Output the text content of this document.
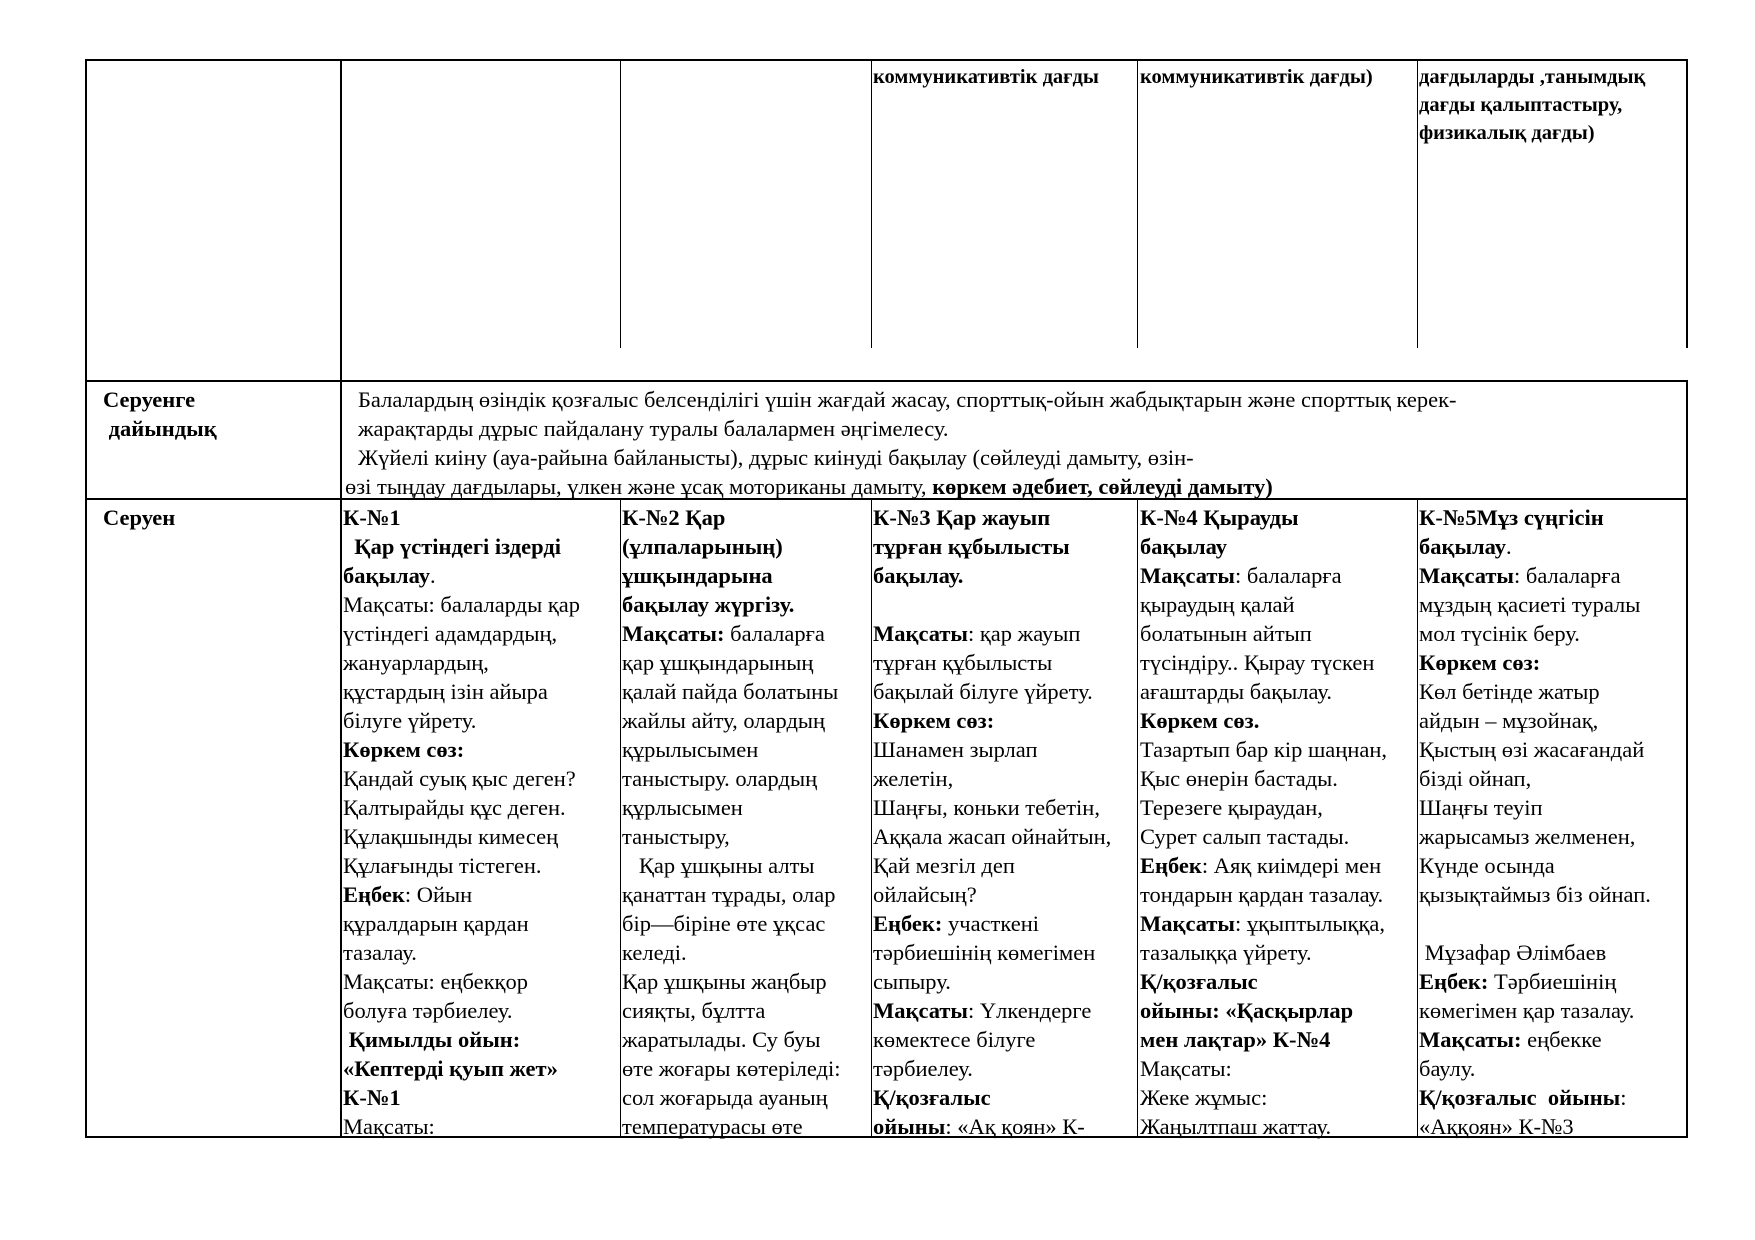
коммуникативтік дағды коммуникативтік дағды) дағдыларды ,танымдық

дағды қалыптастыру,

физикалық дағды)

Серуенге

дайындық

Балалардың өзіндік қозғалыс белсенділігі үшін жағдай жасау, спорттық-ойын жабдықтарын және спорттық керек-

жарақтарды дұрыс пайдалану туралы балалармен әңгімелесу.

Жүйелі киіну (ауа-райына байланысты), дұрыс киінуді бақылау (сөйлеуді дамыту, өзін-

өзі тыңдау дағдылары, үлкен және ұсақ моториканы дамыту, көркем әдебиет, сөйлеуді дамыту)

Серуен	К-№1

Қар үстіндегі іздерді

бақылау.

Мақсаты: балаларды қар

үстіндегі адамдардың,

жануарлардың,

құстардың ізін айыра

білуге үйрету.

Көркем сөз:

Қандай суық қыс деген?

Қалтырайды құс деген.

Құлақшынды кимесең

Құлағынды тістеген.

Еңбек: Ойын

құралдарын қардан

тазалау.

Мақсаты: еңбекқор

болуға тәрбиелеу.

Қимылды ойын:

«Кептерді қуып жет»

К-№1

Мақсаты:

К-№2 Қар

(ұлпаларының)

ұшқындарына

бақылау жүргізу.

Мақсаты: балаларға

қар ұшқындарының

қалай пайда болатыны

жайлы айту, олардың

құрылысымен

таныстыру. олардың

құрлысымен

таныстыру,

Қар ұшқыны алты

қанаттан тұрады, олар

бір—біріне өте ұқсас

келеді.

Қар ұшқыны жаңбыр

сияқты, бұлтта

жаратылады. Су буы

өте жоғары көтеріледі:

сол жоғарыда ауаның

температурасы өте

К-№3 Қар жауып

тұрған құбылысты

бақылау.

Мақсаты: қар жауып

тұрған құбылысты

бақылай білуге үйрету.

Көркем сөз:

Шанамен зырлап

желетін,

Шаңғы, коньки тебетін,

Аққала жасап ойнайтын,

Қай мезгіл деп

ойлайсың?

Еңбек: участкені

тәрбиешінің көмегімен

сыпыру.

Мақсаты: Үлкендерге

көмектесе білуге

тәрбиелеу.

Қ/қозғалыс

ойыны: «Ақ қоян» К-

К-№4 Қырауды

бақылау

Мақсаты: балаларға

қыраудың қалай

болатынын айтып

түсіндіру.. Қырау түскен

ағаштарды бақылау.

Көркем сөз.

Тазартып бар кір шаңнан,

Қыс өнерін бастады.

Терезеге қыраудан,

Сурет салып тастады.

Еңбек: Аяқ киімдері мен

тондарын қардан тазалау.

Мақсаты: ұқыптылыққа,

тазалыққа үйрету.

Қ/қозғалыс

ойыны: «Қасқырлар

мен лақтар» К-№4

Мақсаты:

Жеке жұмыс:

Жаңылтпаш жаттау.

К-№5Мұз сүңгісін

бақылау.

Мақсаты: балаларға

мұздың қасиеті туралы

мол түсінік беру.

Көркем сөз:

Көл бетінде жатыр

айдын – мұзойнақ,

Қыстың өзі жасағандай

бізді ойнап,

Шаңғы теуіп

жарысамыз желменен,

Күнде осында

қызықтаймыз біз ойнап.

Мұзафар Әлімбаев

Еңбек: Тәрбиешінің

көмегімен қар тазалау.

Мақсаты: еңбекке

баулу.

Қ/қозғалыс  ойыны:

«Аққоян» К-№3
